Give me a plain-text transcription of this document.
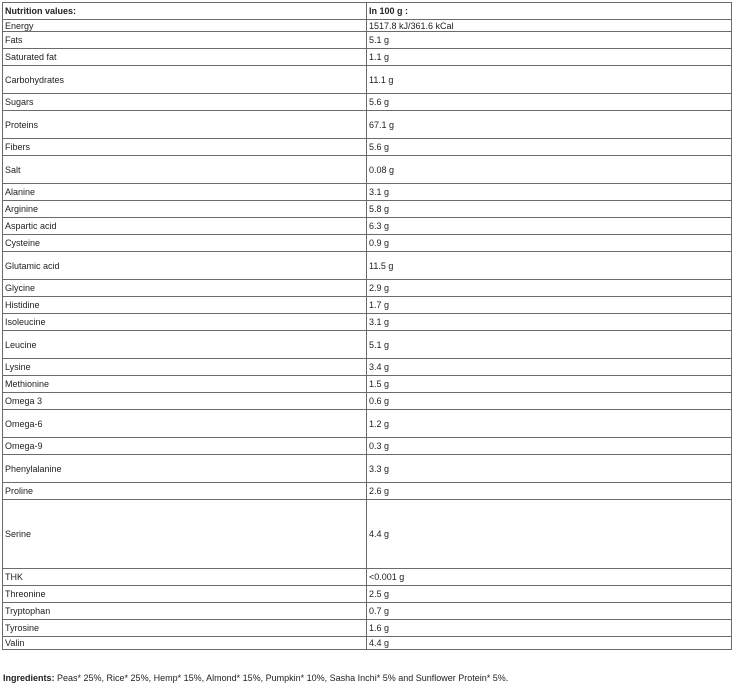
Nutrition values:	In 100 g :
Energy	1517.8 kJ/361.6 kCal
Fats	5.1 g
Saturated fat	1.1 g
Carbohydrates	11.1 g
Sugars	5.6 g
Proteins	67.1 g
Fibers	5.6 g
Salt	0.08 g
Alanine	3.1 g
Arginine	5.8 g
Aspartic acid	6.3 g
Cysteine	0.9 g
Glutamic acid	11.5 g
Glycine	2.9 g
Histidine	1.7 g
Isoleucine	3.1 g
Leucine	5.1 g
Lysine	3.4 g
Methionine	1.5 g
Omega 3	0.6 g
Omega-6	1.2 g
Omega-9	0.3 g
Phenylalanine	3.3 g
Proline	2.6 g
Serine	4.4 g
THK	<0.001 g
Threonine	2.5 g
Tryptophan	0.7 g
Tyrosine	1.6 g
Valin	4.4 g
Ingredients: Peas* 25%, Rice* 25%, Hemp* 15%, Almond* 15%, Pumpkin* 10%, Sasha Inchi* 5% and Sunflower Protein* 5%.
